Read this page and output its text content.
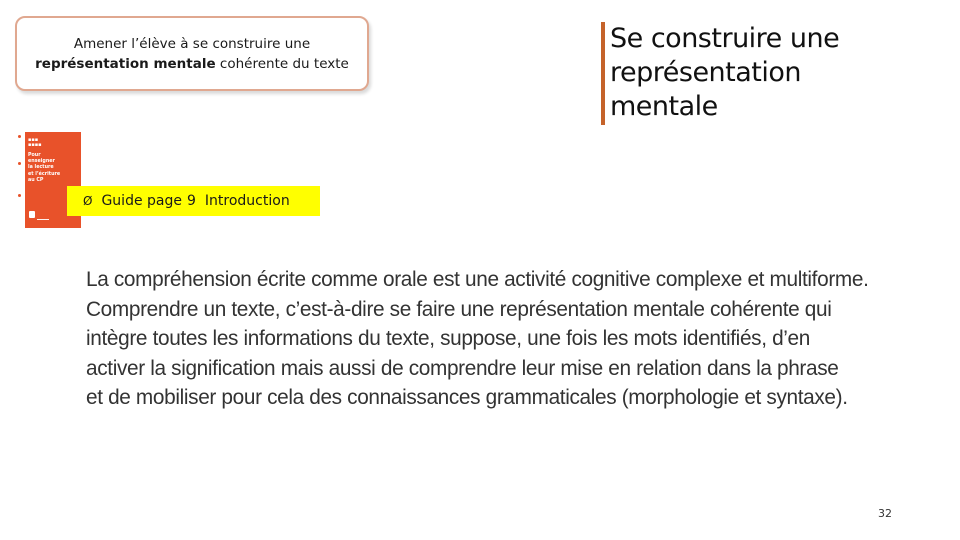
Amener l’élève à se construire une
représentation mentale cohérente du texte
Se construire une
représentation
mentale
▪▪▪
▪▪▪▪
Pour
enseigner
la lecture
et l’écriture
au CP
▬▬▬▬
Ø Guide page 9 Introduction
La compréhension écrite comme orale est une activité cognitive complexe et multiforme.
Comprendre un texte, c’est-à-dire se faire une représentation mentale cohérente qui
intègre toutes les informations du texte, suppose, une fois les mots identifiés, d’en
activer la signification mais aussi de comprendre leur mise en relation dans la phrase
et de mobiliser pour cela des connaissances grammaticales (morphologie et syntaxe).
32
